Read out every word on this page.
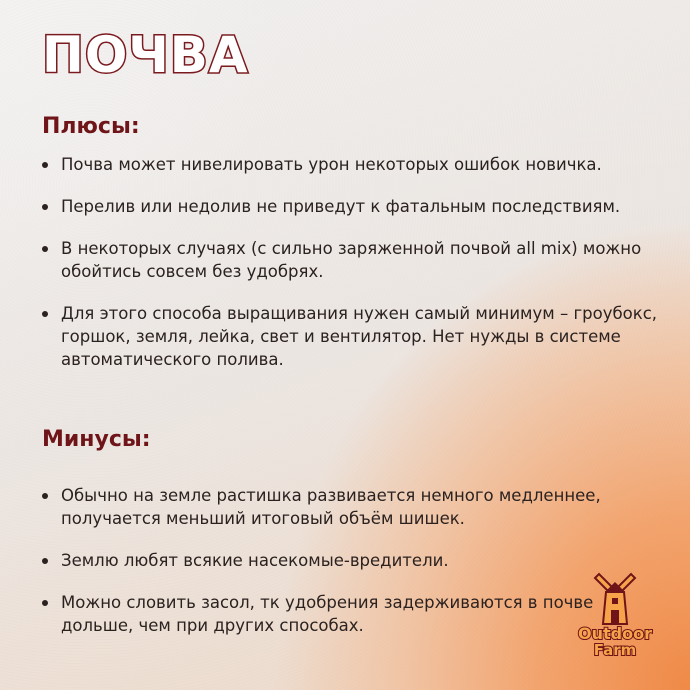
ПОЧВА
Плюсы:
Почва может нивелировать урон некоторых ошибок новичка.
Перелив или недолив не приведут к фатальным последствиям.
В некоторых случаях (с сильно заряженной почвой all mix) можно обойтись совсем без удобрях.
Для этого способа выращивания нужен самый минимум – гроубокс, горшок, земля, лейка, свет и вентилятор. Нет нужды в системе автоматического полива.
Минусы:
Обычно на земле растишка развивается немного медленнее, получается меньший итоговый объём шишек.
Землю любят всякие насекомые-вредители.
Можно словить засол, тк удобрения задерживаются в почве дольше, чем при других способах.	Outdoor
Farm
